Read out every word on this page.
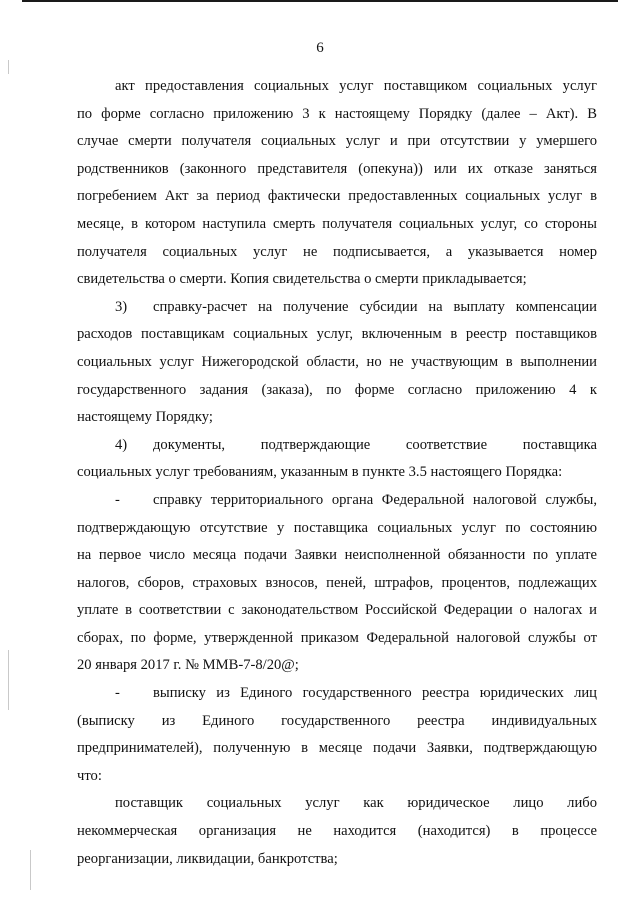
6
акт предоставления социальных услуг поставщиком социальных услуг
по форме согласно приложению 3 к настоящему Порядку (далее – Акт). В
случае смерти получателя социальных услуг и при отсутствии у умершего
родственников (законного представителя (опекуна)) или их отказе заняться
погребением Акт за период фактически предоставленных социальных услуг в
месяце, в котором наступила смерть получателя социальных услуг, со стороны
получателя социальных услуг не подписывается, а указывается номер
свидетельства о смерти. Копия свидетельства о смерти прикладывается;
3)	справку-расчет на получение субсидии на выплату компенсации
расходов поставщикам социальных услуг, включенным в реестр поставщиков
социальных услуг Нижегородской области, но не участвующим в выполнении
государственного задания (заказа), по форме согласно приложению 4 к
настоящему Порядку;
4)	документы, подтверждающие соответствие поставщика
социальных услуг требованиям, указанным в пункте 3.5 настоящего Порядка:
-	справку территориального органа Федеральной налоговой службы,
подтверждающую отсутствие у поставщика социальных услуг по состоянию
на первое число месяца подачи Заявки неисполненной обязанности по уплате
налогов, сборов, страховых взносов, пеней, штрафов, процентов, подлежащих
уплате в соответствии с законодательством Российской Федерации о налогах и
сборах, по форме, утвержденной приказом Федеральной налоговой службы от
20 января 2017 г. № ММВ-7-8/20@;
-	выписку из Единого государственного реестра юридических лиц
(выписку из Единого государственного реестра индивидуальных
предпринимателей), полученную в месяце подачи Заявки, подтверждающую
что:
поставщик социальных услуг как юридическое лицо либо
некоммерческая организация не находится (находится) в процессе
реорганизации, ликвидации, банкротства;
